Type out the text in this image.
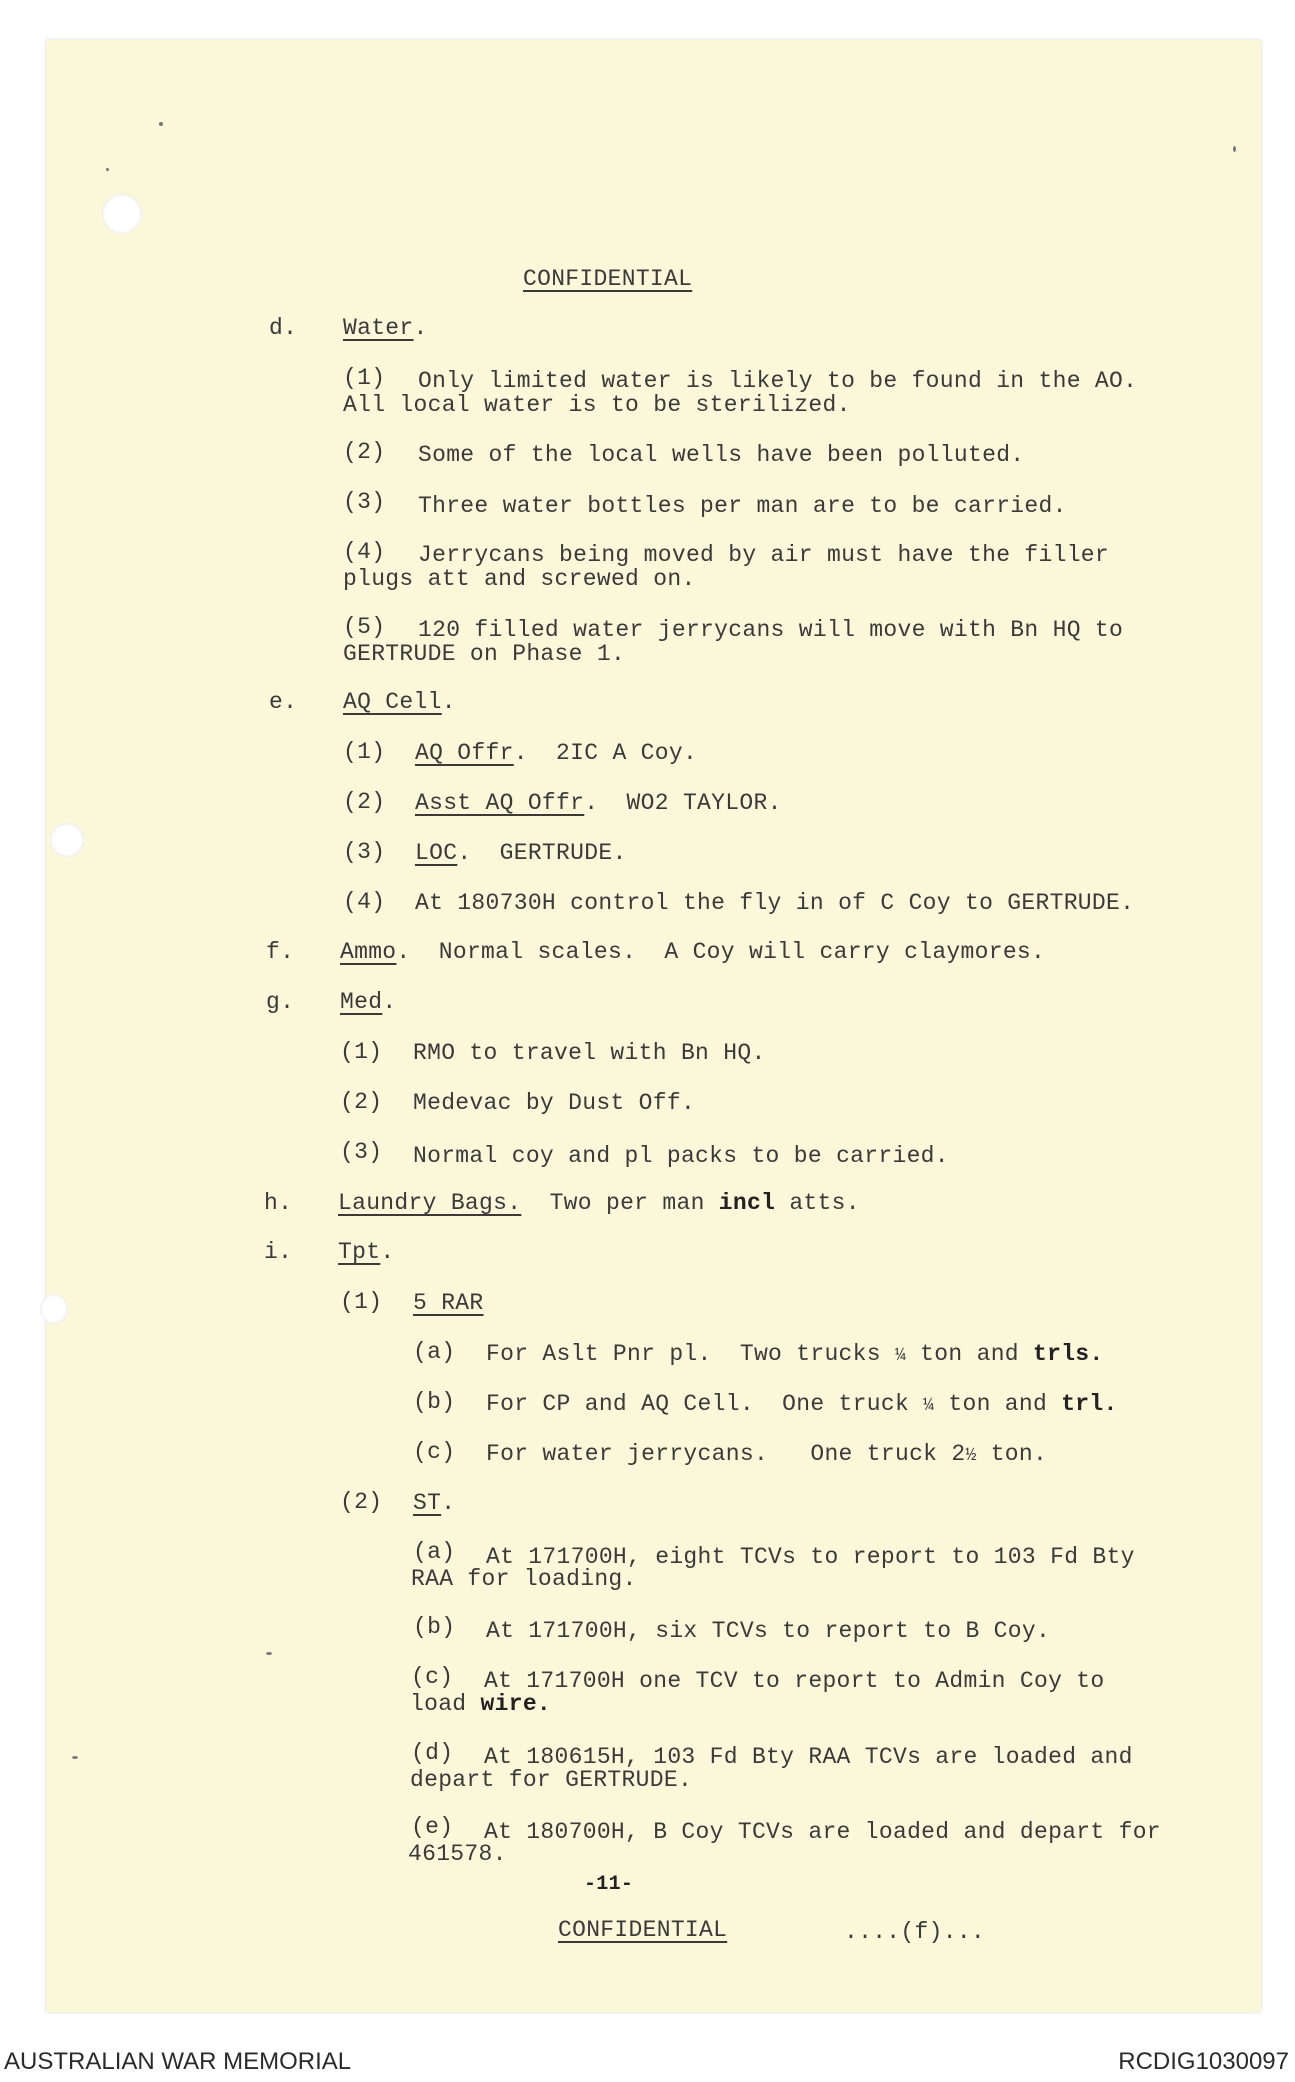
CONFIDENTIAL
d. Water.
(1) Only limited water is likely to be found in the AO.
All local water is to be sterilized.
(2) Some of the local wells have been polluted.
(3) Three water bottles per man are to be carried.
(4) Jerrycans being moved by air must have the filler
plugs att and screwed on.
(5) 120 filled water jerrycans will move with Bn HQ to
GERTRUDE on Phase 1.
e. AQ Cell.
(1) AQ Offr.  2IC A Coy.
(2) Asst AQ Offr.  WO2 TAYLOR.
(3) LOC.  GERTRUDE.
(4) At 180730H control the fly in of C Coy to GERTRUDE.
f. Ammo.  Normal scales.  A Coy will carry claymores.
g. Med.
(1) RMO to travel with Bn HQ.
(2) Medevac by Dust Off.
(3) Normal coy and pl packs to be carried.
h. Laundry Bags. Two per man incl atts.
i. Tpt.
(1) 5 RAR
(a) For Aslt Pnr pl.  Two trucks ¼ ton and trls.
(b) For CP and AQ Cell.  One truck ¼ ton and trl.
(c) For water jerrycans.   One truck 2½ ton.
(2) ST.
(a) At 171700H, eight TCVs to report to 103 Fd Bty
RAA for loading.
(b) At 171700H, six TCVs to report to B Coy.
(c) At 171700H one TCV to report to Admin Coy to
load wire.
(d) At 180615H, 103 Fd Bty RAA TCVs are loaded and
depart for GERTRUDE.
(e) At 180700H, B Coy TCVs are loaded and depart for
461578.
-11-
CONFIDENTIAL	....(f)...
AUSTRALIAN WAR MEMORIAL	RCDIG1030097
